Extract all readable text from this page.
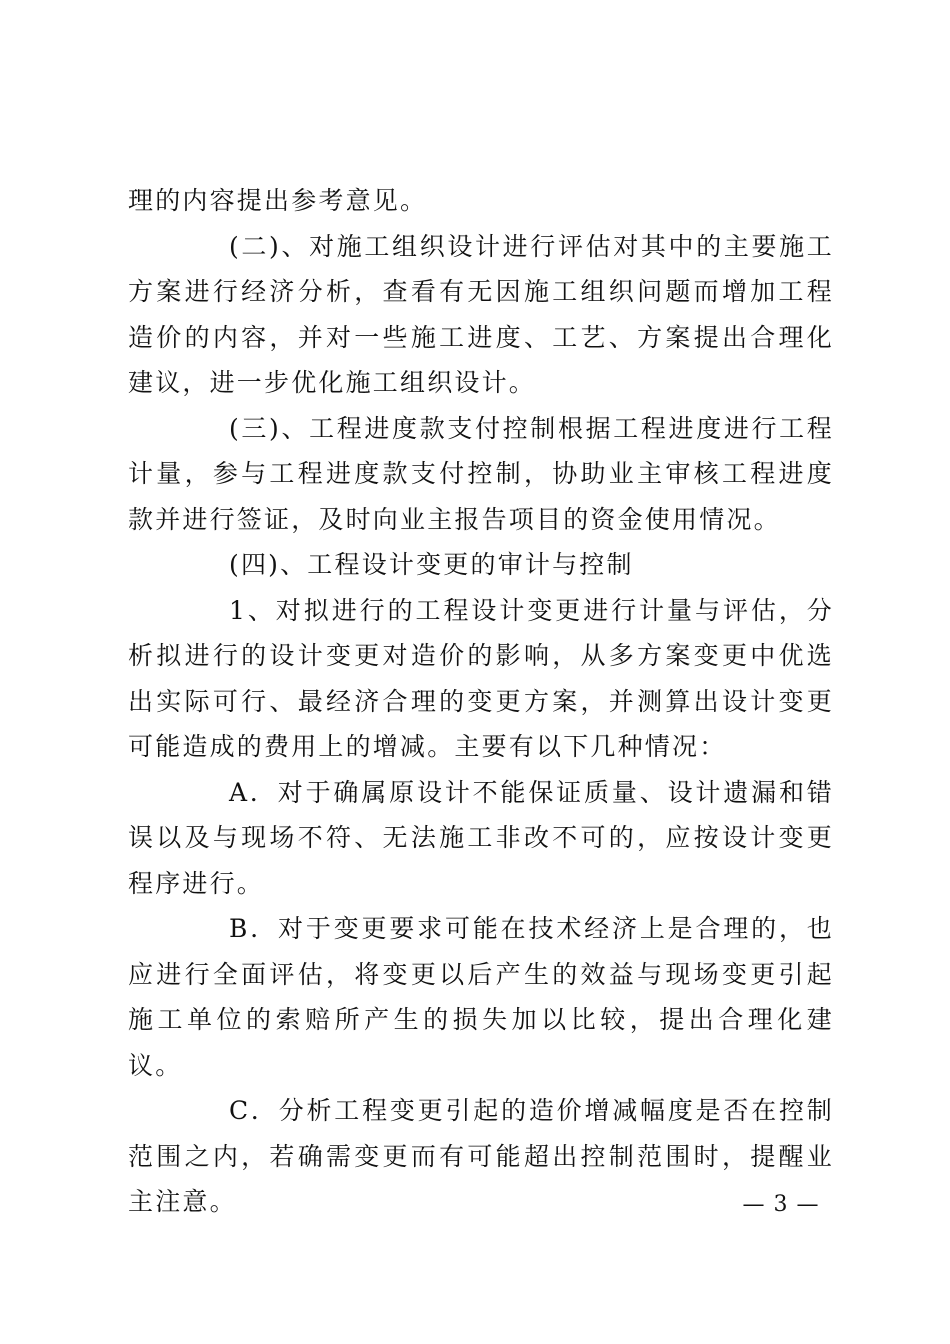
理的内容提出参考意见。

(二)、对施工组织设计进行评估对其中的主要施工方案进行经济分析，查看有无因施工组织问题而增加工程造价的内容，并对一些施工进度、工艺、方案提出合理化建议，进一步优化施工组织设计。

(三)、工程进度款支付控制根据工程进度进行工程计量，参与工程进度款支付控制，协助业主审核工程进度款并进行签证，及时向业主报告项目的资金使用情况。

(四)、工程设计变更的审计与控制

1、对拟进行的工程设计变更进行计量与评估，分析拟进行的设计变更对造价的影响，从多方案变更中优选出实际可行、最经济合理的变更方案，并测算出设计变更可能造成的费用上的增减。主要有以下几种情况：

A．对于确属原设计不能保证质量、设计遗漏和错误以及与现场不符、无法施工非改不可的，应按设计变更程序进行。

B．对于变更要求可能在技术经济上是合理的，也应进行全面评估，将变更以后产生的效益与现场变更引起施工单位的索赔所产生的损失加以比较，提出合理化建议。

C．分析工程变更引起的造价增减幅度是否在控制范围之内，若确需变更而有可能超出控制范围时，提醒业主注意。	— 3 —
